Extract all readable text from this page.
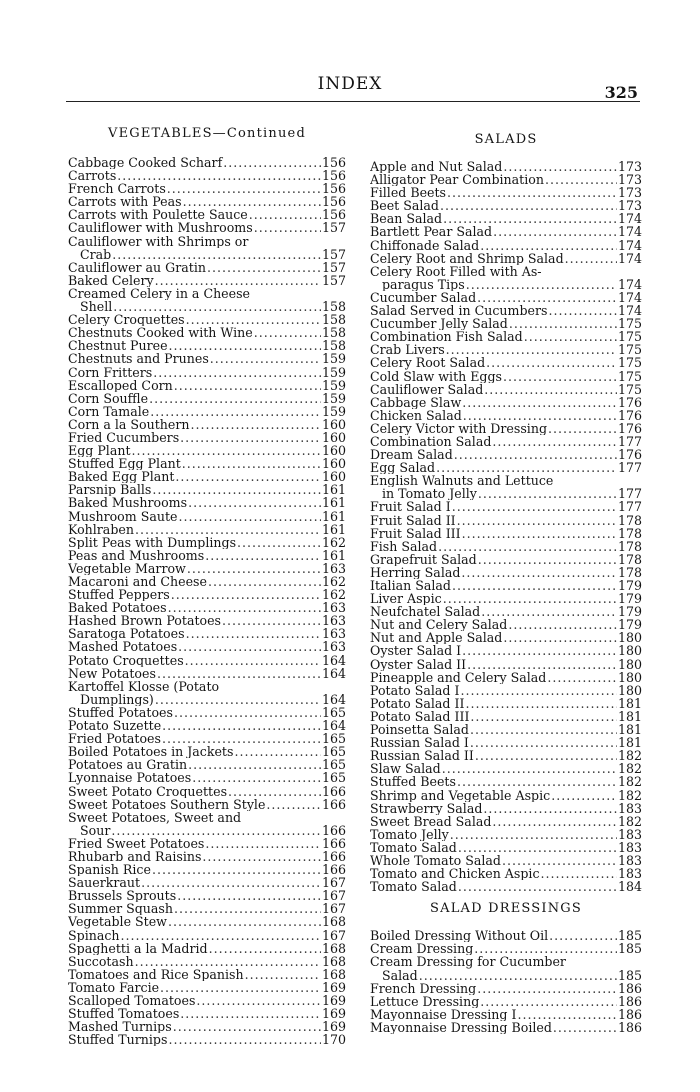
INDEX	325
VEGETABLES—Continued
Cabbage Cooked Scharf .....	156
Carrots .....	156
French Carrots .....	156
Carrots with Peas .....	156
Carrots with Poulette Sauce .....	156
Cauliflower with Mushrooms .....	157
Cauliflower with Shrimps or
Crab .....	157
Cauliflower au Gratin .....	157
Baked Celery .....	157
Creamed Celery in a Cheese
Shell .....	158
Celery Croquettes .....	158
Chestnuts Cooked with Wine .....	158
Chestnut Puree .....	158
Chestnuts and Prunes .....	159
Corn Fritters .....	159
Escalloped Corn .....	159
Corn Souffle .....	159
Corn Tamale .....	159
Corn a la Southern .....	160
Fried Cucumbers .....	160
Egg Plant .....	160
Stuffed Egg Plant .....	160
Baked Egg Plant .....	160
Parsnip Balls .....	161
Baked Mushrooms .....	161
Mushroom Saute .....	161
Kohlraben .....	161
Split Peas with Dumplings .....	162
Peas and Mushrooms .....	161
Vegetable Marrow .....	163
Macaroni and Cheese .....	162
Stuffed Peppers .....	162
Baked Potatoes .....	163
Hashed Brown Potatoes .....	163
Saratoga Potatoes .....	163
Mashed Potatoes .....	163
Potato Croquettes .....	164
New Potatoes .....	164
Kartoffel Klosse (Potato
Dumplings) .....	164
Stuffed Potatoes .....	165
Potato Suzette .....	164
Fried Potatoes .....	165
Boiled Potatoes in Jackets .....	165
Potatoes au Gratin .....	165
Lyonnaise Potatoes .....	165
Sweet Potato Croquettes .....	166
Sweet Potatoes Southern Style .....	166
Sweet Potatoes, Sweet and
Sour .....	166
Fried Sweet Potatoes .....	166
Rhubarb and Raisins .....	166
Spanish Rice .....	166
Sauerkraut .....	167
Brussels Sprouts .....	167
Summer Squash .....	167
Vegetable Stew .....	168
Spinach .....	167
Spaghetti a la Madrid .....	168
Succotash .....	168
Tomatoes and Rice Spanish .....	168
Tomato Farcie .....	169
Scalloped Tomatoes .....	169
Stuffed Tomatoes .....	169
Mashed Turnips .....	169
Stuffed Turnips .....	170
SALADS
Apple and Nut Salad .....	173
Alligator Pear Combination .....	173
Filled Beets .....	173
Beet Salad .....	173
Bean Salad .....	174
Bartlett Pear Salad .....	174
Chiffonade Salad .....	174
Celery Root and Shrimp Salad .....	174
Celery Root Filled with As-
paragus Tips .....	174
Cucumber Salad .....	174
Salad Served in Cucumbers .....	174
Cucumber Jelly Salad .....	175
Combination Fish Salad .....	175
Crab Livers .....	175
Celery Root Salad .....	175
Cold Slaw with Eggs .....	175
Cauliflower Salad .....	175
Cabbage Slaw .....	176
Chicken Salad .....	176
Celery Victor with Dressing .....	176
Combination Salad .....	177
Dream Salad .....	176
Egg Salad .....	177
English Walnuts and Lettuce
in Tomato Jelly .....	177
Fruit Salad I .....	177
Fruit Salad II .....	178
Fruit Salad III .....	178
Fish Salad .....	178
Grapefruit Salad .....	178
Herring Salad .....	178
Italian Salad .....	179
Liver Aspic .....	179
Neufchatel Salad .....	179
Nut and Celery Salad .....	179
Nut and Apple Salad .....	180
Oyster Salad I .....	180
Oyster Salad II .....	180
Pineapple and Celery Salad .....	180
Potato Salad I .....	180
Potato Salad II .....	181
Potato Salad III .....	181
Poinsetta Salad .....	181
Russian Salad I .....	181
Russian Salad II .....	182
Slaw Salad .....	182
Stuffed Beets .....	182
Shrimp and Vegetable Aspic .....	182
Strawberry Salad .....	183
Sweet Bread Salad .....	182
Tomato Jelly .....	183
Tomato Salad .....	183
Whole Tomato Salad .....	183
Tomato and Chicken Aspic .....	183
Tomato Salad .....	184
SALAD DRESSINGS
Boiled Dressing Without Oil .....	185
Cream Dressing .....	185
Cream Dressing for Cucumber
Salad .....	185
French Dressing .....	186
Lettuce Dressing .....	186
Mayonnaise Dressing I .....	186
Mayonnaise Dressing Boiled .....	186
